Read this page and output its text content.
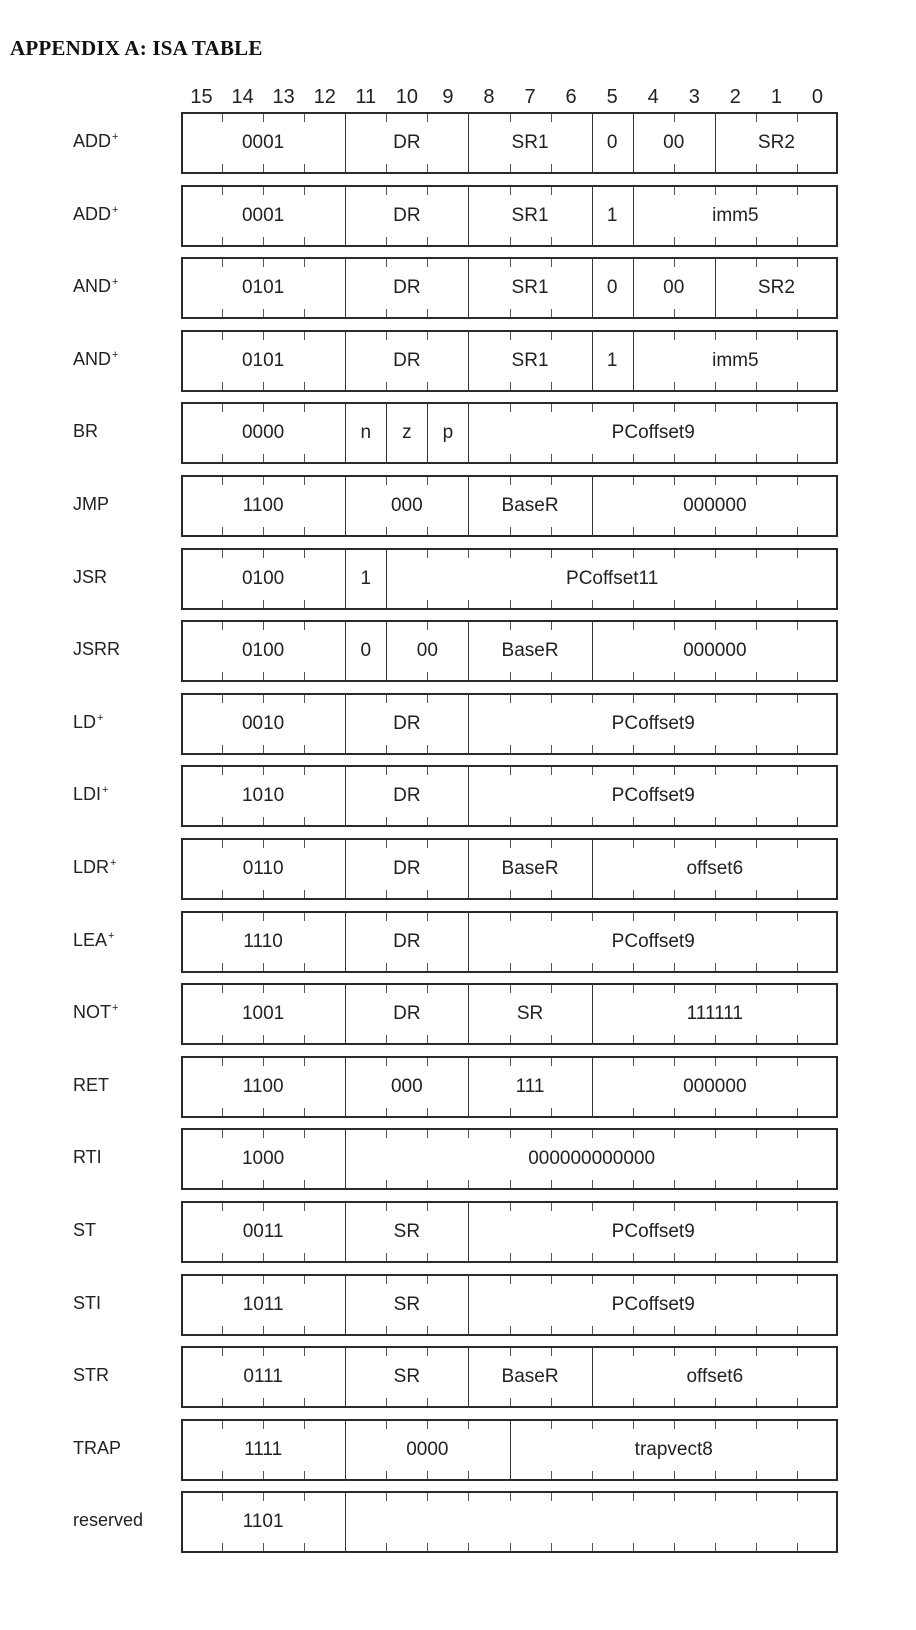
APPENDIX A: ISA TABLE
15 14 13 12 11 10	9	8	7	6	5	4	3	2	1	0
ADD+	0001	DR	SR1	0	00	SR2
ADD+	0001	DR	SR1	1	imm5
AND+	0101	DR	SR1	0	00	SR2
AND+	0101	DR	SR1	1	imm5
BR	0000	n	z	p	PCoffset9
JMP	1100	000	BaseR	000000
JSR	0100	1	PCoffset11
JSRR	0100	0	00	BaseR	000000
LD+	0010	DR	PCoffset9
LDI+	1010	DR	PCoffset9
LDR+	0110	DR	BaseR	offset6
LEA+	1110	DR	PCoffset9
NOT+	1001	DR	SR	111111
RET	1100	000	111	000000
RTI	1000	000000000000
ST	0011	SR	PCoffset9
STI	1011	SR	PCoffset9
STR	0111	SR	BaseR	offset6
TRAP	1111	0000	trapvect8
reserved	1101
